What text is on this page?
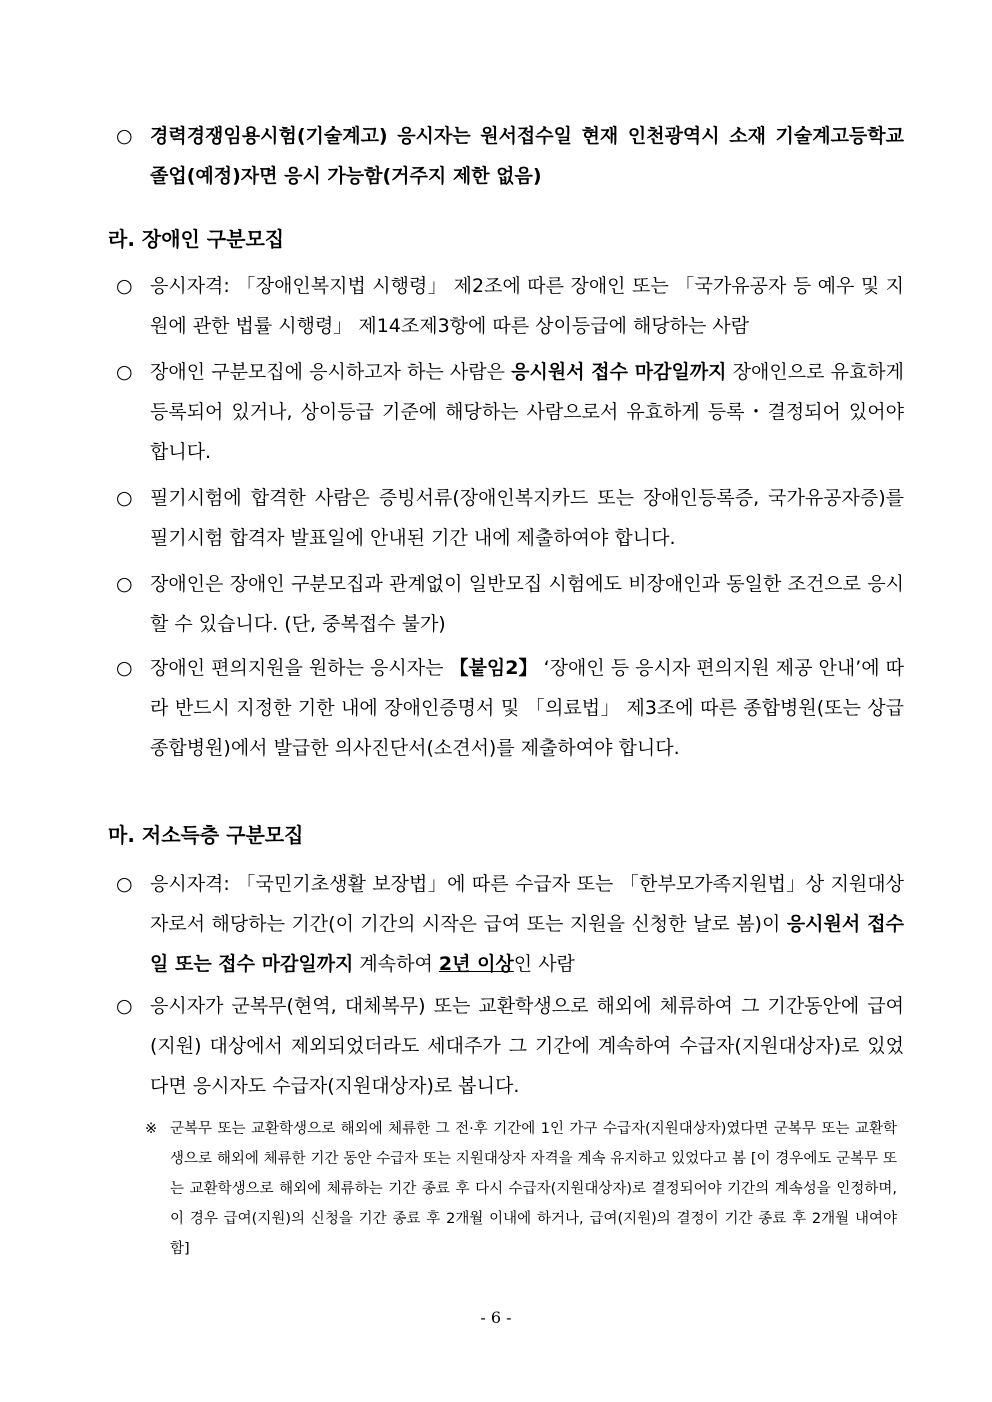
○ 경력경쟁임용시험(기술계고) 응시자는 원서접수일 현재 인천광역시 소재 기술계고등학교 졸업(예정)자면 응시 가능함(거주지 제한 없음)
라. 장애인 구분모집
○ 응시자격: 「장애인복지법 시행령」 제2조에 따른 장애인 또는 「국가유공자 등 예우 및 지원에 관한 법률 시행령」 제14조제3항에 따른 상이등급에 해당하는 사람
○ 장애인 구분모집에 응시하고자 하는 사람은 응시원서 접수 마감일까지 장애인으로 유효하게 등록되어 있거나, 상이등급 기준에 해당하는 사람으로서 유효하게 등록・결정되어 있어야 합니다.
○ 필기시험에 합격한 사람은 증빙서류(장애인복지카드 또는 장애인등록증, 국가유공자증)를 필기시험 합격자 발표일에 안내된 기간 내에 제출하여야 합니다.
○ 장애인은 장애인 구분모집과 관계없이 일반모집 시험에도 비장애인과 동일한 조건으로 응시할 수 있습니다. (단, 중복접수 불가)
○ 장애인 편의지원을 원하는 응시자는 【붙임2】 ‘장애인 등 응시자 편의지원 제공 안내’에 따라 반드시 지정한 기한 내에 장애인증명서 및 「의료법」 제3조에 따른 종합병원(또는 상급종합병원)에서 발급한 의사진단서(소견서)를 제출하여야 합니다.
마. 저소득층 구분모집
○ 응시자격: 「국민기초생활 보장법」에 따른 수급자 또는 「한부모가족지원법」상 지원대상자로서 해당하는 기간(이 기간의 시작은 급여 또는 지원을 신청한 날로 봄)이 응시원서 접수일 또는 접수 마감일까지 계속하여 2년 이상인 사람
○ 응시자가 군복무(현역, 대체복무) 또는 교환학생으로 해외에 체류하여 그 기간동안에 급여(지원) 대상에서 제외되었더라도 세대주가 그 기간에 계속하여 수급자(지원대상자)로 있었다면 응시자도 수급자(지원대상자)로 봅니다.
※ 군복무 또는 교환학생으로 해외에 체류한 그 전·후 기간에 1인 가구 수급자(지원대상자)였다면 군복무 또는 교환학생으로 해외에 체류한 기간 동안 수급자 또는 지원대상자 자격을 계속 유지하고 있었다고 봄 [이 경우에도 군복무 또는 교환학생으로 해외에 체류하는 기간 종료 후 다시 수급자(지원대상자)로 결정되어야 기간의 계속성을 인정하며, 이 경우 급여(지원)의 신청을 기간 종료 후 2개월 이내에 하거나, 급여(지원)의 결정이 기간 종료 후 2개월 내여야 함]
- 6 -
